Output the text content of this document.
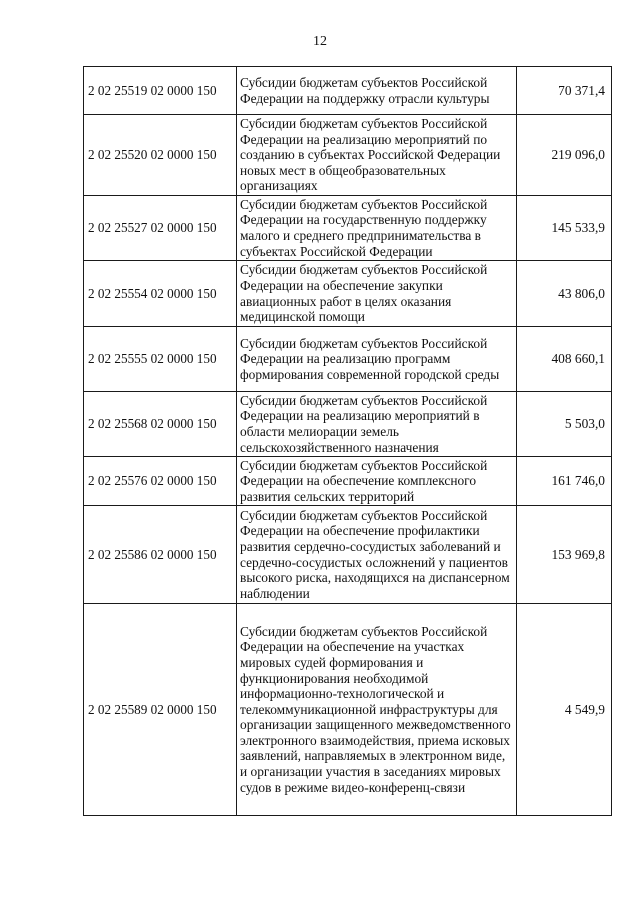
12
2 02 25519 02 0000 150	Субсидии бюджетам субъектов Российской Федерации на поддержку отрасли культуры	70 371,4
2 02 25520 02 0000 150	Субсидии бюджетам субъектов Российской Федерации на реализацию мероприятий по созданию в субъектах Российской Федерации новых мест в общеобразовательных организациях	219 096,0
2 02 25527 02 0000 150	Субсидии бюджетам субъектов Российской Федерации на государственную поддержку малого и среднего предпринимательства в субъектах Российской Федерации	145 533,9
2 02 25554 02 0000 150	Субсидии бюджетам субъектов Российской Федерации на обеспечение закупки авиационных работ в целях оказания медицинской помощи	43 806,0
2 02 25555 02 0000 150	Субсидии бюджетам субъектов Российской Федерации на реализацию программ формирования современной городской среды	408 660,1
2 02 25568 02 0000 150	Субсидии бюджетам субъектов Российской Федерации на реализацию мероприятий в области мелиорации земель сельскохозяйственного назначения	5 503,0
2 02 25576 02 0000 150	Субсидии бюджетам субъектов Российской Федерации на обеспечение комплексного развития сельских территорий	161 746,0
2 02 25586 02 0000 150	Субсидии бюджетам субъектов Российской Федерации на обеспечение профилактики развития сердечно-сосудистых заболеваний и сердечно-сосудистых осложнений у пациентов высокого риска, находящихся на диспансерном наблюдении	153 969,8
2 02 25589 02 0000 150	Субсидии бюджетам субъектов Российской Федерации на обеспечение на участках мировых судей формирования и функционирования необходимой информационно-технологической и телекоммуникационной инфраструктуры для организации защищенного межведомственного электронного взаимодействия, приема исковых заявлений, направляемых в электронном виде, и организации участия в заседаниях мировых судов в режиме видео-конференц-связи	4 549,9
